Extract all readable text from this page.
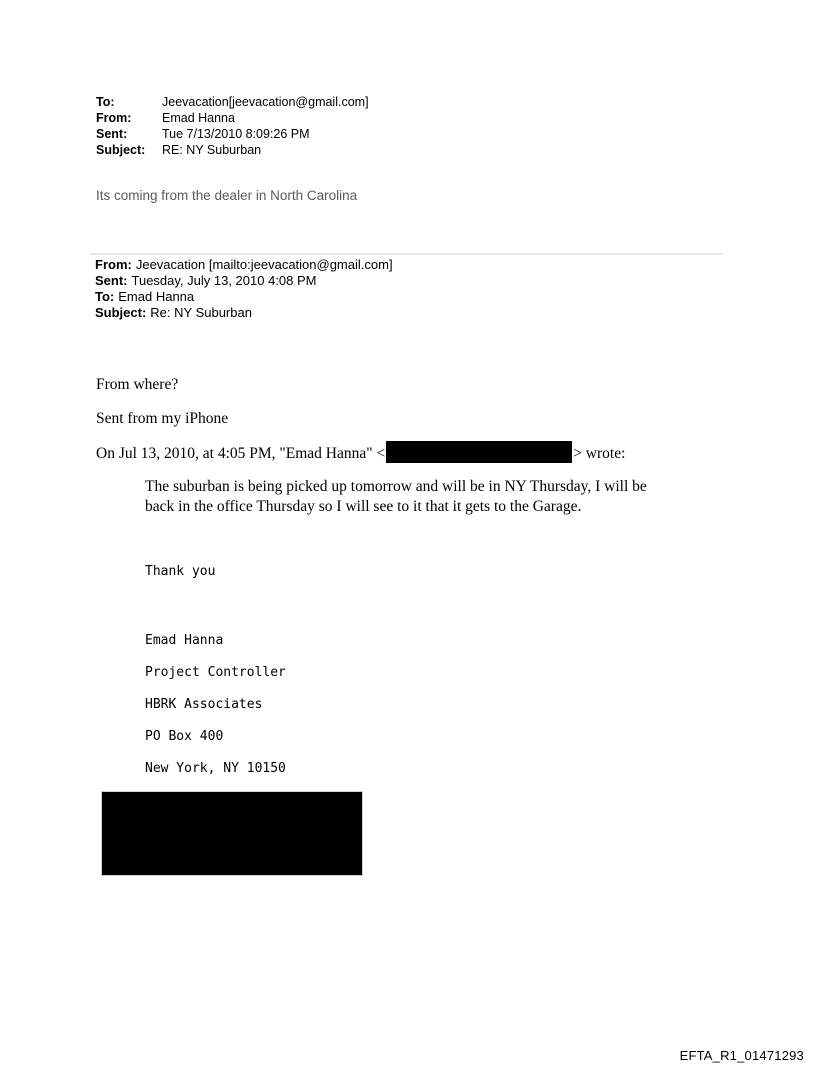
To:	Jeevacation[jeevacation@gmail.com]
From: Emad Hanna
Sent:	Tue 7/13/2010 8:09:26 PM
Subject: RE: NY Suburban
Its coming from the dealer in North Carolina
From: Jeevacation [mailto:jeevacation@gmail.com]
Sent: Tuesday, July 13, 2010 4:08 PM
To: Emad Hanna
Subject: Re: NY Suburban
From where?
Sent from my iPhone
On Jul 13, 2010, at 4:05 PM, "Emad Hanna" <	> wrote:
The suburban is being picked up tomorrow and will be in NY Thursday, I will be back in the office Thursday so I will see to it that it gets to the Garage.
Thank you
Emad Hanna
Project Controller
HBRK Associates
PO Box 400
New York, NY 10150
EFTA_R1_01471293
